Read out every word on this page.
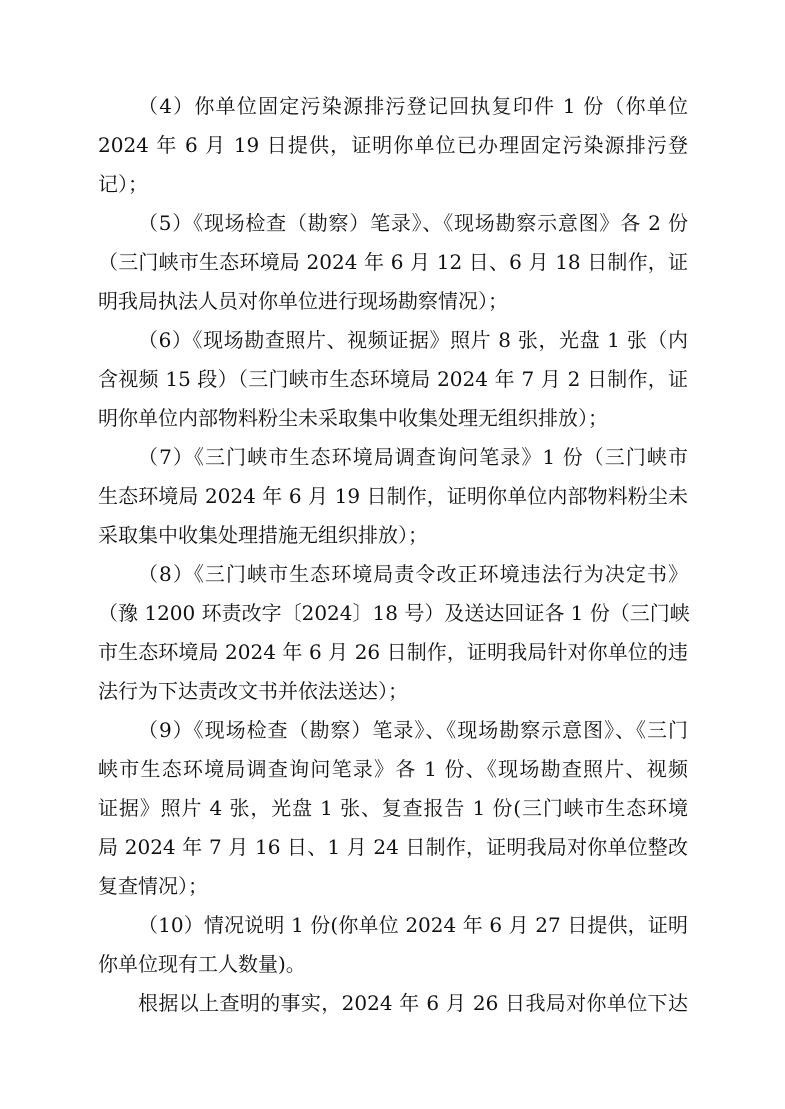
（4）你单位固定污染源排污登记回执复印件 1 份（你单位
2024 年 6 月 19 日提供，证明你单位已办理固定污染源排污登
记）；
（5）《现场检查（勘察）笔录》、《现场勘察示意图》各 2 份
（三门峡市生态环境局 2024 年 6 月 12 日、6 月 18 日制作，证
明我局执法人员对你单位进行现场勘察情况）；
（6）《现场勘查照片、视频证据》照片 8 张，光盘 1 张（内
含视频 15 段）（三门峡市生态环境局 2024 年 7 月 2 日制作，证
明你单位内部物料粉尘未采取集中收集处理无组织排放）；
（7）《三门峡市生态环境局调查询问笔录》1 份（三门峡市
生态环境局 2024 年 6 月 19 日制作，证明你单位内部物料粉尘未
采取集中收集处理措施无组织排放）；
（8）《三门峡市生态环境局责令改正环境违法行为决定书》
（豫 1200 环责改字〔2024〕18 号）及送达回证各 1 份（三门峡
市生态环境局 2024 年 6 月 26 日制作，证明我局针对你单位的违
法行为下达责改文书并依法送达）；
（9）《现场检查（勘察）笔录》、《现场勘察示意图》、《三门
峡市生态环境局调查询问笔录》各 1 份、《现场勘查照片、视频
证据》照片 4 张，光盘 1 张、复查报告 1 份(三门峡市生态环境
局 2024 年 7 月 16 日、1 月 24 日制作，证明我局对你单位整改
复查情况）；
（10）情况说明 1 份(你单位 2024 年 6 月 27 日提供，证明
你单位现有工人数量)。
根据以上查明的事实，2024 年 6 月 26 日我局对你单位下达
